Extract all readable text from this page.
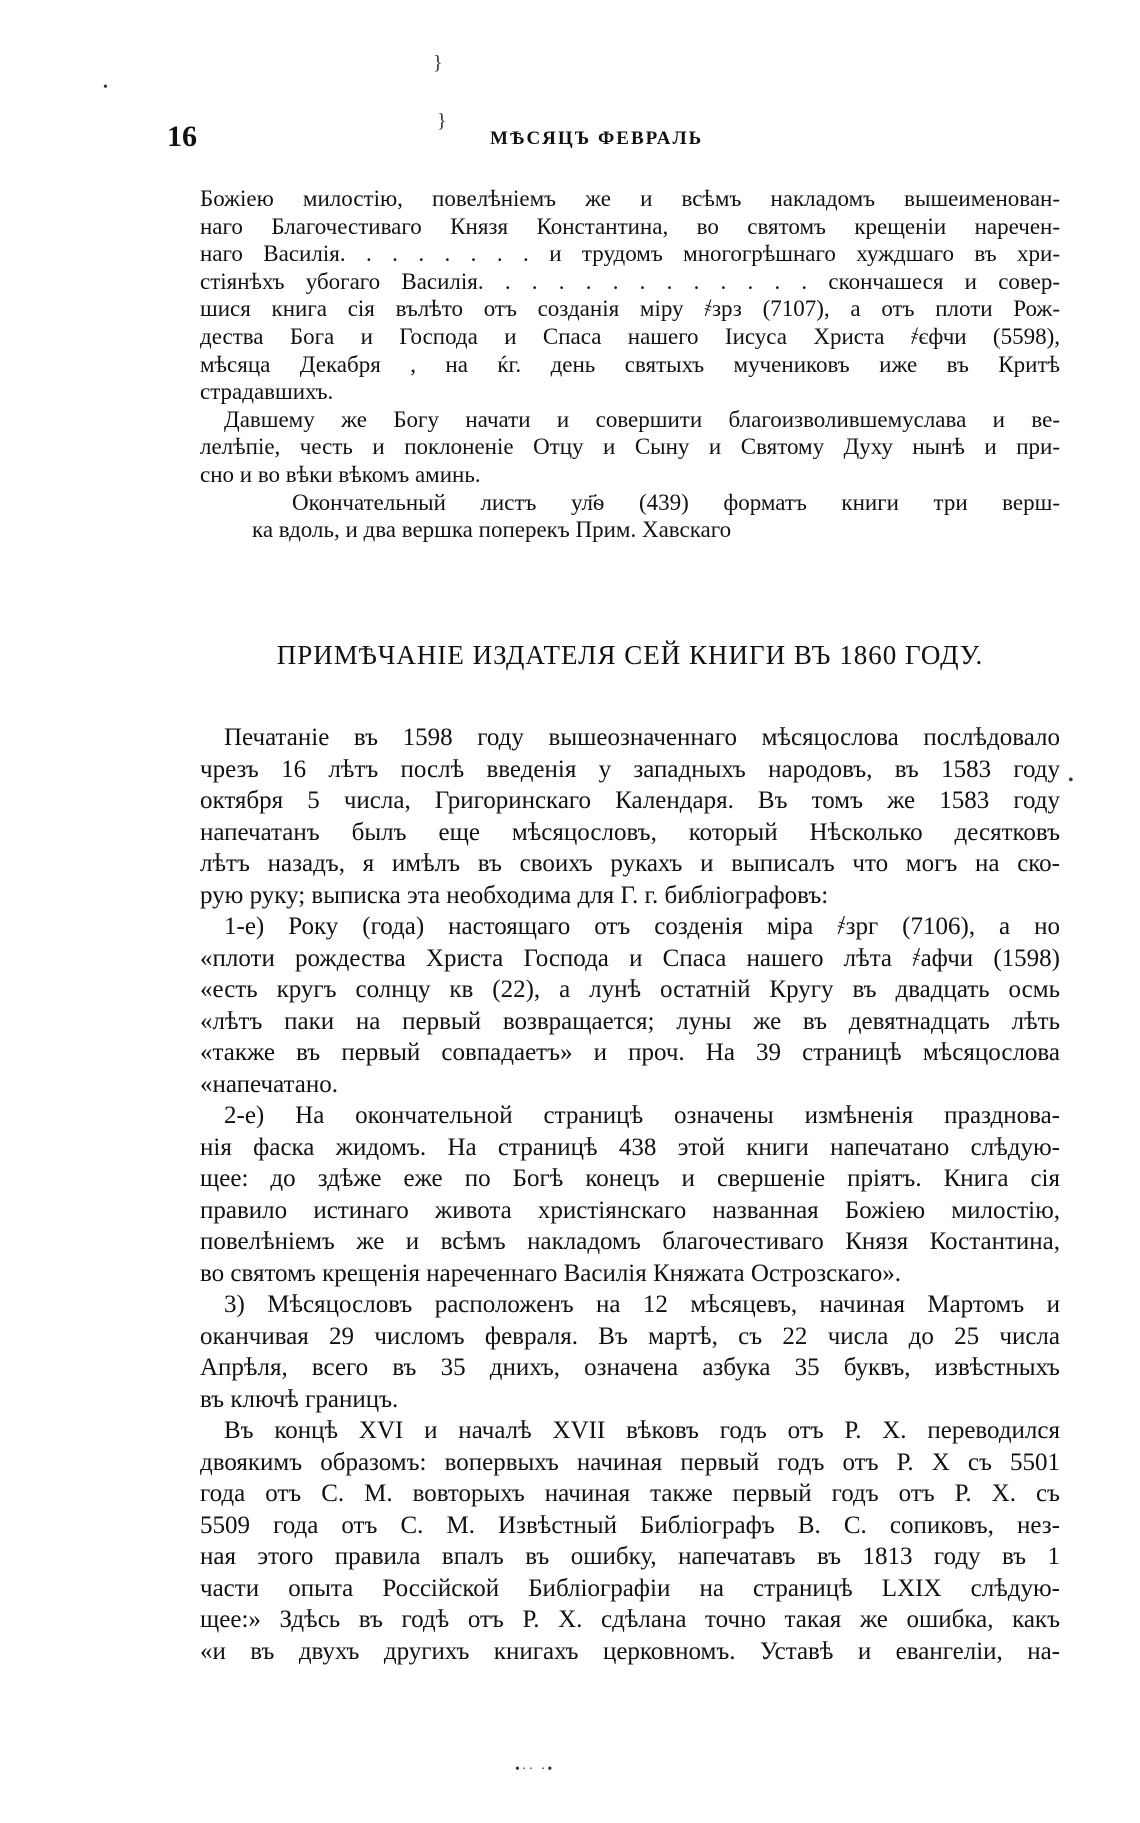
}
}
•
•
16	МѢСЯЦЪ ФЕВРАЛЬ
Божіею милостію, повелѣніемъ же и всѣмъ накладомъ вышеименован-
наго Благочестиваго Князя Константина, во святомъ крещеніи наречен-
наго Василія. . . . . . . . и трудомъ многогрѣшнаго хуждшаго въ хри-
стіянѣхъ убогаго Василія. . . . . . . . . . . . . скончашеся и совер-
шися книга сія вълѣто отъ созданія міру ҂зрз (7107), а отъ плоти Рож-
дества Бога и Господа и Спаса нашего Іисуса Христа ҂єфчи (5598),
мѣсяца Декабря , на ќг. день святыхъ мучениковъ иже въ Критѣ
страдавшихъ.
Давшему же Богу начати и совершити благоизволившемуслава и ве-
лелѣпіе, честь и поклоненіе Отцу и Сыну и Святому Духу нынѣ и при-
сно и во вѣки вѣкомъ аминь.
Окончательный листъ ул҃ѳ (439) форматъ книги три верш-
ка вдоль, и два вершка поперекъ Прим. Хавскаго
ПРИМѢЧАНІЕ ИЗДАТЕЛЯ СЕЙ КНИГИ ВЪ 1860 ГОДУ.
Печатаніе въ 1598 году вышеозначеннаго мѣсяцослова послѣдовало
чрезъ 16 лѣтъ послѣ введенія у западныхъ народовъ, въ 1583 году
октября 5 числа, Григоринскаго Календаря. Въ томъ же 1583 году
напечатанъ былъ еще мѣсяцословъ, который Нѣсколько десятковъ
лѣтъ назадъ, я имѣлъ въ своихъ рукахъ и выписалъ что могъ на ско-
рую руку; выписка эта необходима для Г. г. библіографовъ:
1-е) Року (года) настоящаго отъ созденія міра ҂зрг (7106), а но
«плоти рождества Христа Господа и Спаса нашего лѣта ҂афчи (1598)
«есть кругъ солнцу кв (22), а лунѣ остатній Кругу въ двадцать осмь
«лѣтъ паки на первый возвращается; луны же въ девятнадцать лѣть
«также въ первый совпадаетъ» и проч. На 39 страницѣ мѣсяцослова
«напечатано.
2-е) На окончательной страницѣ означены измѣненія празднова-
нія фаска жидомъ. На страницѣ 438 этой книги напечатано слѣдую-
щее: до здѣже еже по Богѣ конецъ и свершеніе пріятъ. Книга сія
правило истинаго живота христіянскаго названная Божіею милостію,
повелѣніемъ же и всѣмъ накладомъ благочестиваго Князя Костантина,
во святомъ крещенія нареченнаго Василія Княжата Острозскаго».
3) Мѣсяцословъ расположенъ на 12 мѣсяцевъ, начиная Мартомъ и
оканчивая 29 числомъ февраля. Въ мартѣ, съ 22 числа до 25 числа
Апрѣля, всего въ 35 днихъ, означена азбука 35 буквъ, извѣстныхъ
въ ключѣ границъ.
Въ концѣ XVI и началѣ XVII вѣковъ годъ отъ Р. Х. переводился
двоякимъ образомъ: вопервыхъ начиная первый годъ отъ Р. Х съ 5501
года отъ С. М. вовторыхъ начиная также первый годъ отъ Р. Х. съ
5509 года отъ С. М. Извѣстный Библіографъ В. С. сопиковъ, нез-
ная этого правила впалъ въ ошибку, напечатавъ въ 1813 году въ 1
части опыта Россійской Библіографіи на страницѣ LXIX слѣдую-
щее:» Здѣсь въ годѣ отъ Р. Х. сдѣлана точно такая же ошибка, какъ
«и въ двухъ другихъ книгахъ церковномъ. Уставѣ и евангеліи, на-
•·· ·•
